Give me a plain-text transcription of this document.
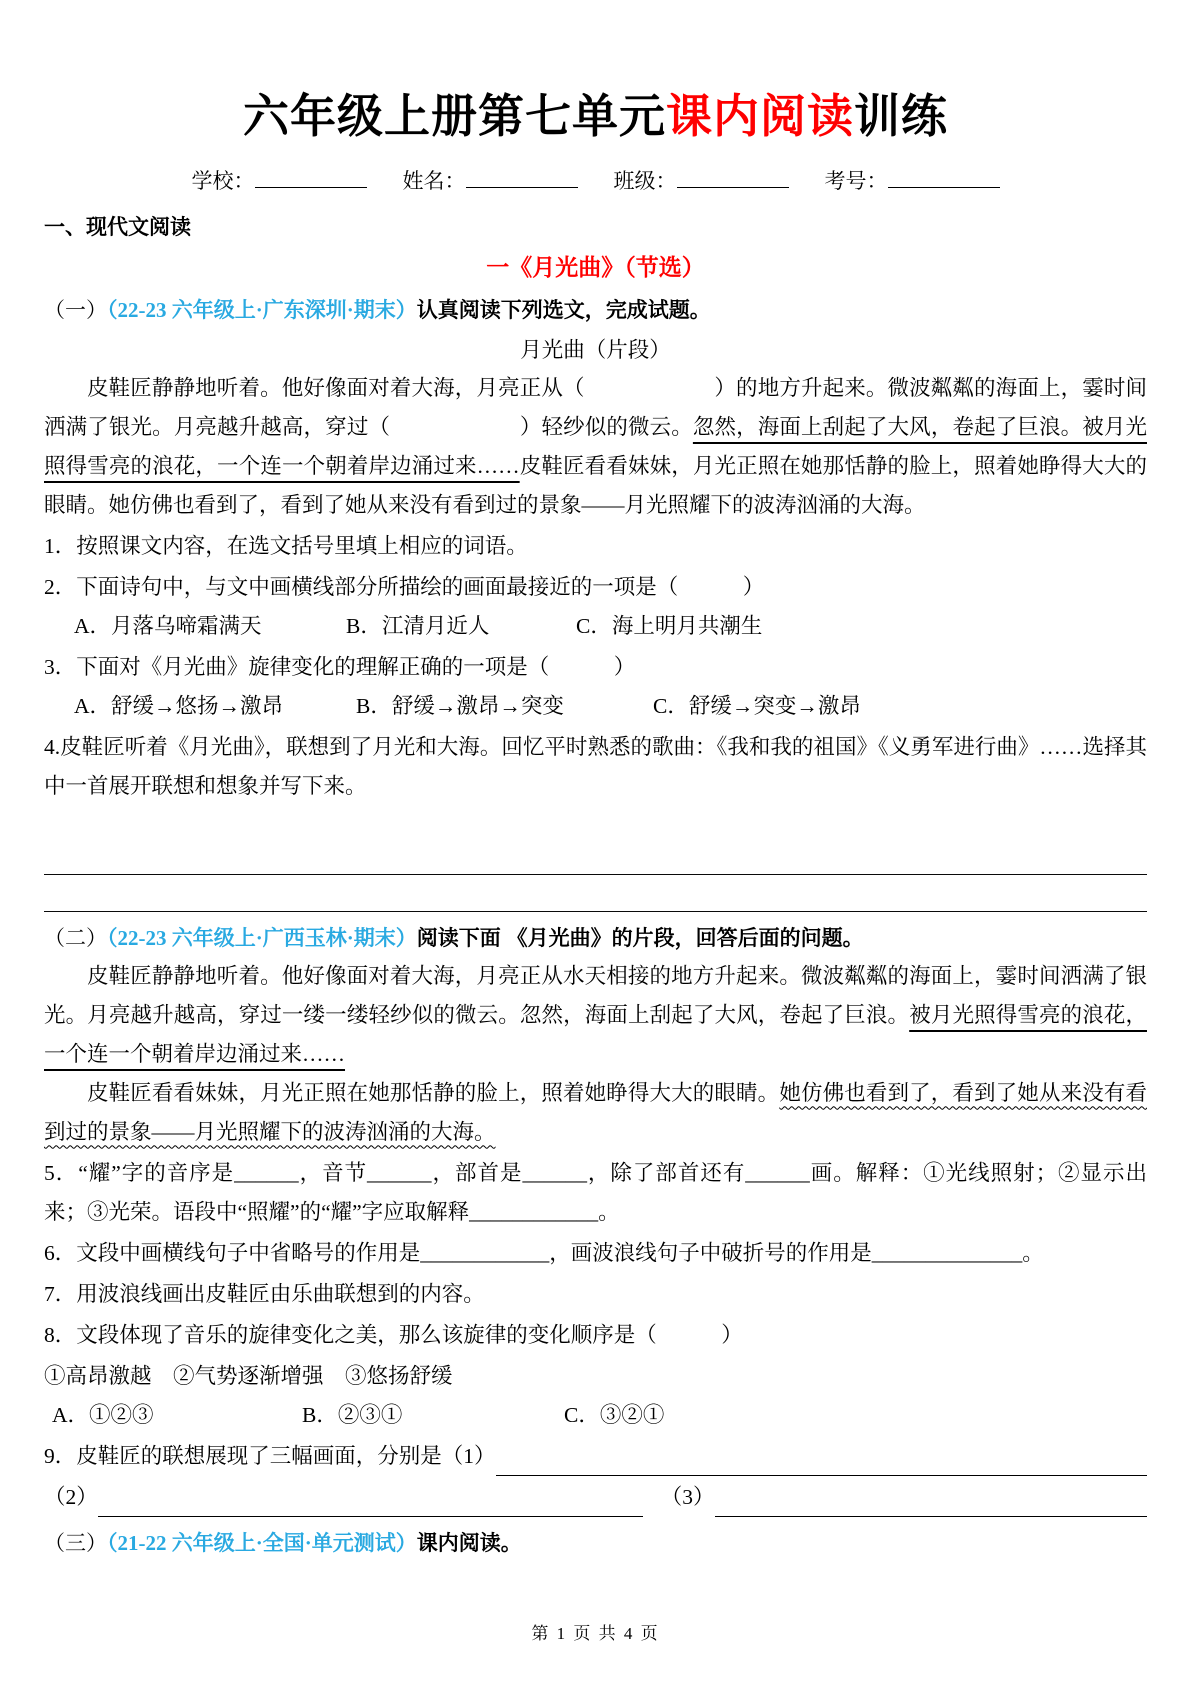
六年级上册第七单元课内阅读训练
学校：	姓名：	班级：	考号：
一、现代文阅读
一《月光曲》（节选）
（一）（22-23 六年级上·广东深圳·期末）认真阅读下列选文，完成试题。
月光曲（片段）

皮鞋匠静静地听着。他好像面对着大海，月亮正从（　　　　　　）的地方升起来。微波粼粼的海面上，霎时间洒满了银光。月亮越升越高，穿过（　　　　　　）轻纱似的微云。忽然，海面上刮起了大风，卷起了巨浪。被月光照得雪亮的浪花，一个连一个朝着岸边涌过来……皮鞋匠看看妹妹，月光正照在她那恬静的脸上，照着她睁得大大的眼睛。她仿佛也看到了，看到了她从来没有看到过的景象——月光照耀下的波涛汹涌的大海。

1．按照课文内容，在选文括号里填上相应的词语。
2．下面诗句中，与文中画横线部分所描绘的画面最接近的一项是（　　　）
A．月落乌啼霜满天	B．江清月近人	C．海上明月共潮生
3．下面对《月光曲》旋律变化的理解正确的一项是（　　　）
A．舒缓→悠扬→激昂	B．舒缓→激昂→突变	C．舒缓→突变→激昂
4.皮鞋匠听着《月光曲》，联想到了月光和大海。回忆平时熟悉的歌曲：《我和我的祖国》《义勇军进行曲》……选择其中一首展开联想和想象并写下来。
（二）（22-23 六年级上·广西玉林·期末）阅读下面 《月光曲》的片段，回答后面的问题。

皮鞋匠静静地听着。他好像面对着大海，月亮正从水天相接的地方升起来。微波粼粼的海面上，霎时间洒满了银光。月亮越升越高，穿过一缕一缕轻纱似的微云。忽然，海面上刮起了大风，卷起了巨浪。被月光照得雪亮的浪花，一个连一个朝着岸边涌过来……

皮鞋匠看看妹妹，月光正照在她那恬静的脸上，照着她睁得大大的眼睛。她仿佛也看到了，看到了她从来没有看到过的景象——月光照耀下的波涛汹涌的大海。

5．“耀”字的音序是______，音节______，部首是______，除了部首还有______画。解释：①光线照射；②显示出来；③光荣。语段中“照耀”的“耀”字应取解释____________。
6．文段中画横线句子中省略号的作用是____________，画波浪线句子中破折号的作用是______________。
7．用波浪线画出皮鞋匠由乐曲联想到的内容。
8．文段体现了音乐的旋律变化之美，那么该旋律的变化顺序是（　　　）
①高昂激越　②气势逐渐增强　③悠扬舒缓
A．①②③	B．②③①	C．③②①
9．皮鞋匠的联想展现了三幅画面，分别是（1）
（2）	（3）
（三）（21-22 六年级上·全国·单元测试）课内阅读。
第 1 页 共 4 页
